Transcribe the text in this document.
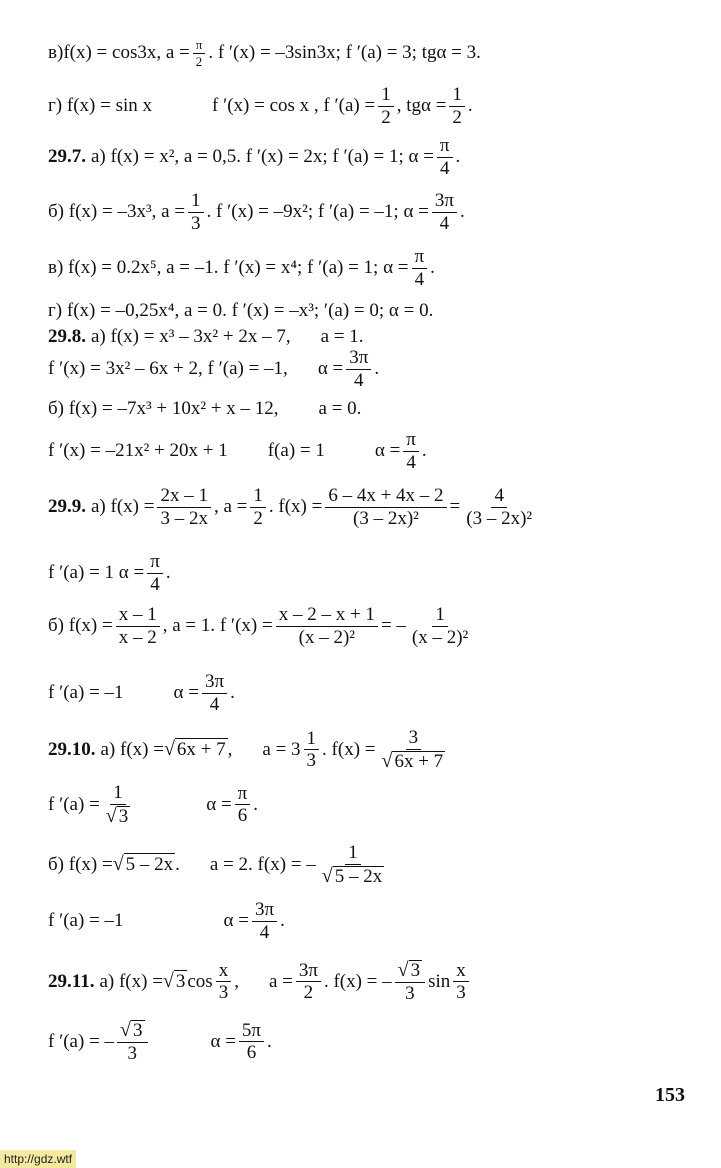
в) f(x) = cos3x, $a = \frac{\pi}{2}$ . f ′(x) = –3sin3x; f ′(a) = 3; tgα = 3.
г) f(x) = sin x	f ′(x) = cos x , f $'(a) = \frac{1}{2}$ , $tg\alpha = \frac{1}{2}$ .
29.7. а) f(x) = x², a = 0,5. f ′(x) = 2x; f ′(a) = 1; $\alpha = \frac{\pi}{4}$ .
б) f(x) = –3x³, $a = \frac{1}{3}$ . f ′(x) = –9x²; f ′(a) = –1; $\alpha = \frac{3\pi}{4}$ .
в) f(x) = 0.2x⁵, a = –1. f ′(x) = x⁴; f ′(a) = 1; $\alpha = \frac{\pi}{4}$ .
г) f(x) = –0,25x⁴, a = 0. f ′(x) = –x³; ′(a) = 0; α = 0.
29.8. а) f(x) = x³ – 3x² + 2x – 7, a = 1.
f ′(x) = 3x² – 6x + 2, f ′(a) = –1, $\alpha = \frac{3\pi}{4}$ .
б) f(x) = –7x³ + 10x² + x – 12, a = 0.
f ′(x) = –21x² + 20x + 1 f(a) = 1	$\alpha = \frac{\pi}{4}$ .
29.9. а) $f(x) = \frac{2x - 1}{3 - 2x}$ , $a = \frac{1}{2}$ . $f(x) = \frac{6 - 4x + 4x - 2}{\text{(3 – 2x)²}} = \frac{4}{\text{(3 – 2x)²}}$
f ′(a) = 1 $\alpha = \frac{\pi}{4}$ .
б) $f(x) = \frac{x - 1}{x - 2}$ , a = 1. f $'(x) = \frac{x - 2 - x + 1}{\text{(x – 2)²}}$ = – $\frac{1}{\text{(x – 2)²}}$
f ′(a) = –1	$\alpha = \frac{3\pi}{4}$ .
29.10. а) f(x) = √ 6x + 7 , $a = 3 \frac{1}{3}$ . $f(x) = \frac{3}{√ 6x + 7}$
f $'(a) = \frac{1}{√ 3}$	$\alpha = \frac{\pi}{6}$ .
б) f(x) = √ 5 – 2x . a = 2. f(x) = – $\frac{1}{√ 5 - 2x}$
f ′(a) = –1	$\alpha = \frac{3\pi}{4}$ .
29.11. а) f(x) = √ 3 $\cos \frac{x}{3}$ , $a = \frac{3\pi}{2}$ . f(x) = – $\frac{√ 3}{3}$ $\sin \frac{x}{3}$
f ′(a) = – $\frac{√ 3}{3}$	$\alpha = \frac{5\pi}{6}$ .
153
http://gdz.wtf
